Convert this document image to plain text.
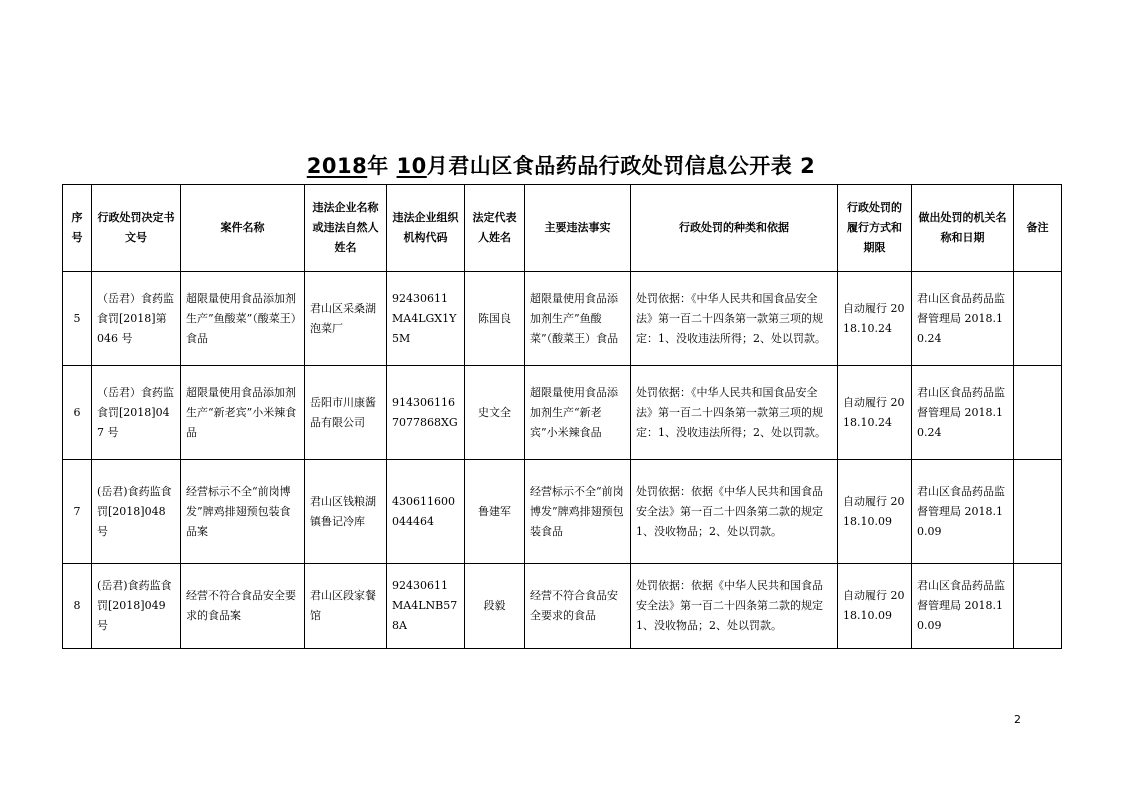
2018年 10月君山区食品药品行政处罚信息公开表 2
序号	行政处罚决定书文号	案件名称	违法企业名称或违法自然人姓名	违法企业组织机构代码	法定代表人姓名	主要违法事实	行政处罚的种类和依据	行政处罚的履行方式和期限	做出处罚的机关名称和日期	备注
5	（岳君）食药监食罚[2018]第 046 号	超限量使用食品添加剂生产”鱼酸菜”（酸菜王）食品	君山区采桑湖泡菜厂	92430611MA4LGX1Y5M	陈国良	超限量使用食品添加剂生产”鱼酸菜”（酸菜王）食品	处罚依据：《中华人民共和国食品安全法》第一百二十四条第一款第三项的规定：1、没收违法所得；2、处以罚款。	自动履行 2018.10.24	君山区食品药品监督管理局 2018.10.24	
6	（岳君）食药监食罚[2018]047 号	超限量使用食品添加剂生产“新老宾”小米辣食品	岳阳市川康酱品有限公司	9143061167077868XG	史文全	超限量使用食品添加剂生产“新老宾”小米辣食品	处罚依据：《中华人民共和国食品安全法》第一百二十四条第一款第三项的规定：1、没收违法所得；2、处以罚款。	自动履行 2018.10.24	君山区食品药品监督管理局 2018.10.24	
7	(岳君)食药监食罚[2018]048 号	经营标示不全“前岗博发”牌鸡排翅预包装食品案	君山区钱粮湖镇鲁记冷库	430611600044464	鲁建军	经营标示不全“前岗博发”牌鸡排翅预包装食品	处罚依据：依据《中华人民共和国食品安全法》第一百二十四条第二款的规定 1、没收物品；2、处以罚款。	自动履行 2018.10.09	君山区食品药品监督管理局 2018.10.09	
8	(岳君)食药监食罚[2018]049 号	经营不符合食品安全要求的食品案	君山区段家餐馆	92430611MA4LNB578A	段毅	经营不符合食品安全要求的食品	处罚依据：依据《中华人民共和国食品安全法》第一百二十四条第二款的规定 1、没收物品；2、处以罚款。	自动履行 2018.10.09	君山区食品药品监督管理局 2018.10.09	
2
